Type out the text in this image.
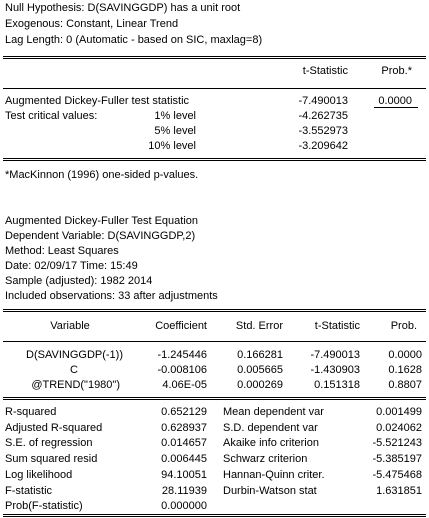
Null Hypothesis: D(SAVINGGDP) has a unit root
Exogenous: Constant, Linear Trend
Lag Length: 0 (Automatic - based on SIC, maxlag=8)
t-Statistic	Prob.*
Augmented Dickey-Fuller test statistic	-7.490013	0.0000
Test critical values:	1% level	-4.262735
5% level	-3.552973
10% level	-3.209642
*MacKinnon (1996) one-sided p-values.
Augmented Dickey-Fuller Test Equation
Dependent Variable: D(SAVINGGDP,2)
Method: Least Squares
Date: 02/09/17 Time: 15:49
Sample (adjusted): 1982 2014
Included observations: 33 after adjustments
Variable	Coefficient	Std. Error	t-Statistic	Prob.
D(SAVINGGDP(-1))	-1.245446	0.166281	-7.490013	0.0000
C	-0.008106	0.005665	-1.430903	0.1628
@TREND("1980")	4.06E-05	0.000269	0.151318	0.8807
R-squared	0.652129 Mean dependent var	0.001499
Adjusted R-squared	0.628937 S.D. dependent var	0.024062
S.E. of regression	0.014657 Akaike info criterion	-5.521243
Sum squared resid	0.006445 Schwarz criterion	-5.385197
Log likelihood	94.10051 Hannan-Quinn criter.	-5.475468
F-statistic	28.11939 Durbin-Watson stat	1.631851
Prob(F-statistic)	0.000000
